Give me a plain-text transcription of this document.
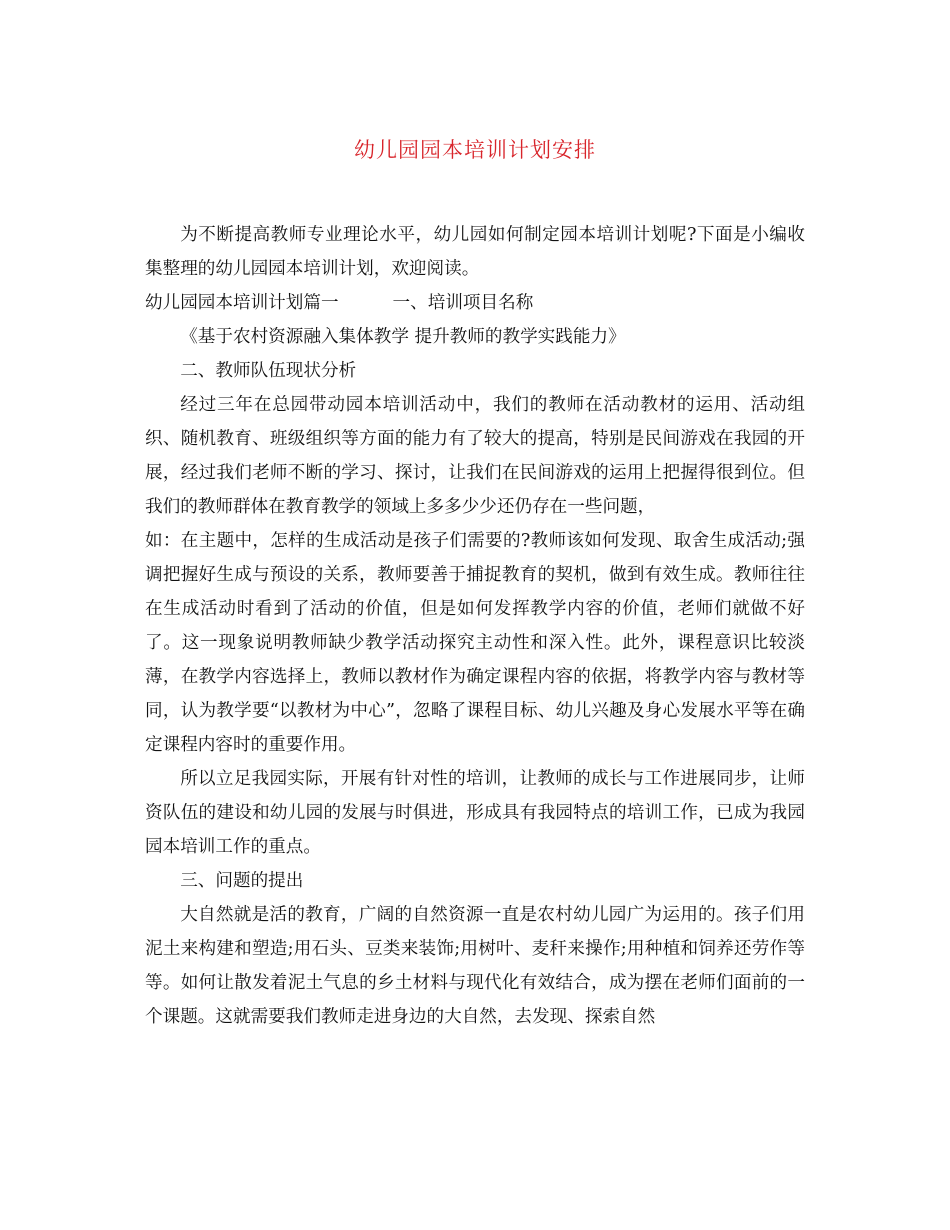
幼儿园园本培训计划安排

为不断提高教师专业理论水平，幼儿园如何制定园本培训计划呢?下面是小编收集整理的幼儿园园本培训计划，欢迎阅读。

幼儿园园本培训计划篇一	一、培训项目名称

《基于农村资源融入集体教学 提升教师的教学实践能力》

二、教师队伍现状分析

经过三年在总园带动园本培训活动中，我们的教师在活动教材的运用、活动组织、随机教育、班级组织等方面的能力有了较大的提高，特别是民间游戏在我园的开展，经过我们老师不断的学习、探讨，让我们在民间游戏的运用上把握得很到位。但我们的教师群体在教育教学的领域上多多少少还仍存在一些问题，

如：在主题中，怎样的生成活动是孩子们需要的?教师该如何发现、取舍生成活动;强调把握好生成与预设的关系，教师要善于捕捉教育的契机，做到有效生成。教师往往在生成活动时看到了活动的价值，但是如何发挥教学内容的价值，老师们就做不好了。这一现象说明教师缺少教学活动探究主动性和深入性。此外，课程意识比较淡薄，在教学内容选择上，教师以教材作为确定课程内容的依据，将教学内容与教材等同，认为教学要“以教材为中心”，忽略了课程目标、幼儿兴趣及身心发展水平等在确定课程内容时的重要作用。

所以立足我园实际，开展有针对性的培训，让教师的成长与工作进展同步，让师资队伍的建设和幼儿园的发展与时俱进，形成具有我园特点的培训工作，已成为我园园本培训工作的重点。

三、问题的提出

大自然就是活的教育，广阔的自然资源一直是农村幼儿园广为运用的。孩子们用泥土来构建和塑造;用石头、豆类来装饰;用树叶、麦秆来操作;用种植和饲养还劳作等等。如何让散发着泥土气息的乡土材料与现代化有效结合，成为摆在老师们面前的一个课题。这就需要我们教师走进身边的大自然，去发现、探索自然
